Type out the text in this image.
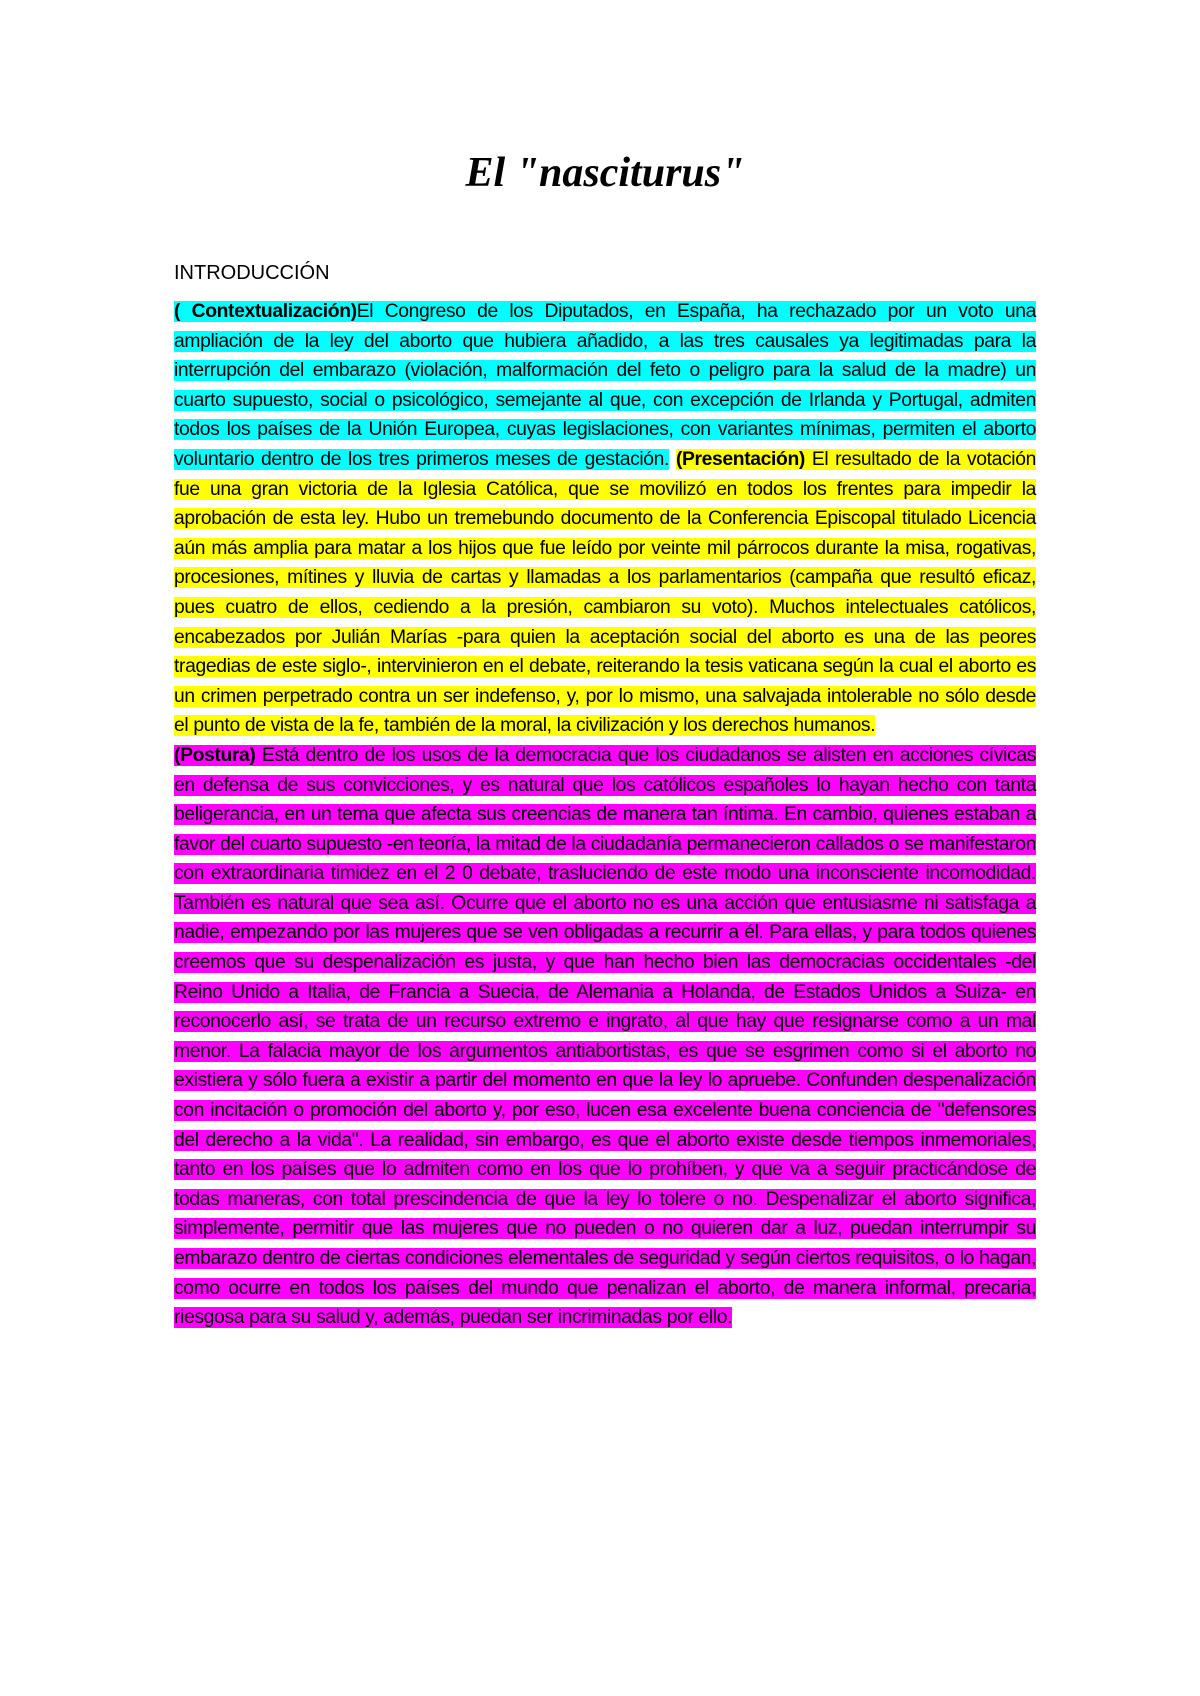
El "nasciturus"
INTRODUCCIÓN

( Contextualización)El Congreso de los Diputados, en España, ha rechazado por un voto una ampliación de la ley del aborto que hubiera añadido, a las tres causales ya legitimadas para la interrupción del embarazo (violación, malformación del feto o peligro para la salud de la madre) un cuarto supuesto, social o psicológico, semejante al que, con excepción de Irlanda y Portugal, admiten todos los países de la Unión Europea, cuyas legislaciones, con variantes mínimas, permiten el aborto voluntario dentro de los tres primeros meses de gestación. (Presentación) El resultado de la votación fue una gran victoria de la Iglesia Católica, que se movilizó en todos los frentes para impedir la aprobación de esta ley. Hubo un tremebundo documento de la Conferencia Episcopal titulado Licencia aún más amplia para matar a los hijos que fue leído por veinte mil párrocos durante la misa, rogativas, procesiones, mítines y lluvia de cartas y llamadas a los parlamentarios (campaña que resultó eficaz, pues cuatro de ellos, cediendo a la presión, cambiaron su voto). Muchos intelectuales católicos, encabezados por Julián Marías -para quien la aceptación social del aborto es una de las peores tragedias de este siglo-, intervinieron en el debate, reiterando la tesis vaticana según la cual el aborto es un crimen perpetrado contra un ser indefenso, y, por lo mismo, una salvajada intolerable no sólo desde el punto de vista de la fe, también de la moral, la civilización y los derechos humanos.
(Postura) Está dentro de los usos de la democracia que los ciudadanos se alisten en acciones cívicas en defensa de sus convicciones, y es natural que los católicos españoles lo hayan hecho con tanta beligerancia, en un tema que afecta sus creencias de manera tan íntima. En cambio, quienes estaban a favor del cuarto supuesto -en teoría, la mitad de la ciudadanía permanecieron callados o se manifestaron con extraordinaria timidez en el 2 0 debate, trasluciendo de este modo una inconsciente incomodidad. También es natural que sea así. Ocurre que el aborto no es una acción que entusiasme ni satisfaga a nadie, empezando por las mujeres que se ven obligadas a recurrir a él. Para ellas, y para todos quienes creemos que su despenalización es justa, y que han hecho bien las democracias occidentales -del Reino Unido a Italia, de Francia a Suecia, de Alemania a Holanda, de Estados Unidos a Suiza- en reconocerlo así, se trata de un recurso extremo e ingrato, al que hay que resignarse como a un mal menor. La falacia mayor de los argumentos antiabortistas, es que se esgrimen como si el aborto no existiera y sólo fuera a existir a partir del momento en que la ley lo apruebe. Confunden despenalización con incitación o promoción del aborto y, por eso, lucen esa excelente buena conciencia de "defensores del derecho a la vida". La realidad, sin embargo, es que el aborto existe desde tiempos inmemoriales, tanto en los países que lo admiten como en los que lo prohíben, y que va a seguir practicándose de todas maneras, con total prescindencia de que la ley lo tolere o no. Despenalizar el aborto significa, simplemente, permitir que las mujeres que no pueden o no quieren dar a luz, puedan interrumpir su embarazo dentro de ciertas condiciones elementales de seguridad y según ciertos requisitos, o lo hagan, como ocurre en todos los países del mundo que penalizan el aborto, de manera informal, precaria, riesgosa para su salud y, además, puedan ser incriminadas por ello.
